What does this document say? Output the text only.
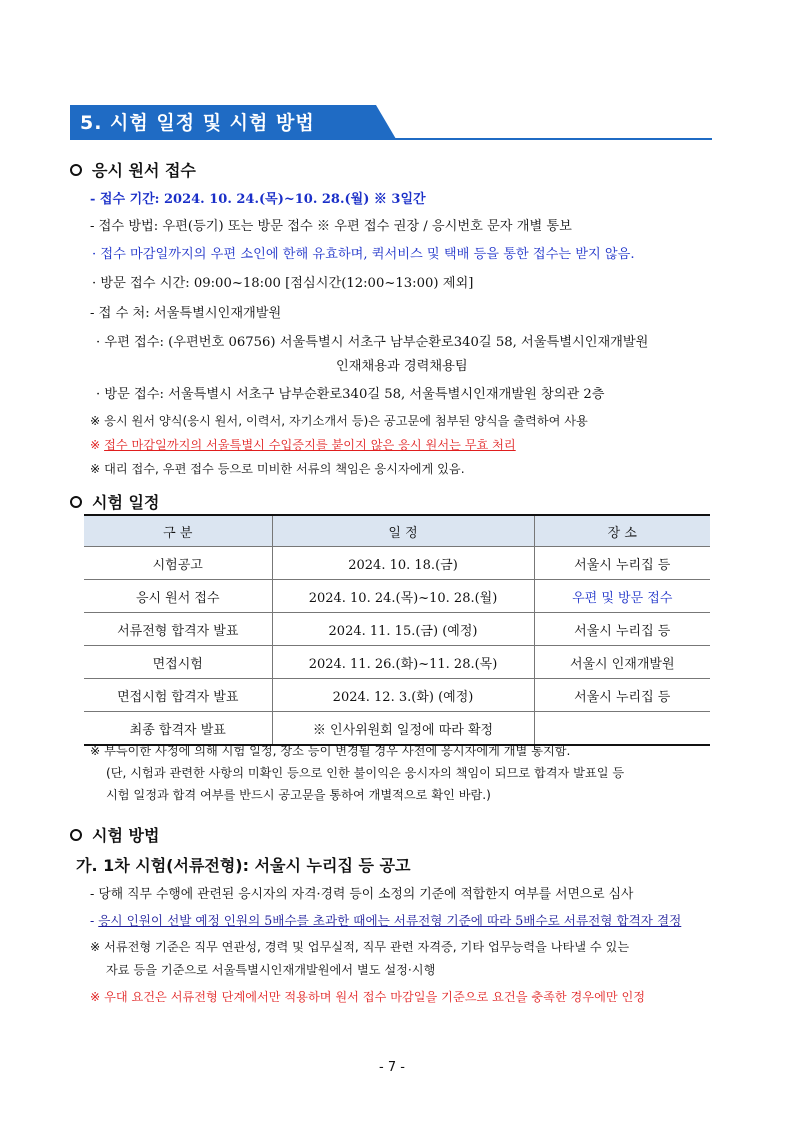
5. 시험 일정 및 시험 방법
응시 원서 접수
- 접수 기간: 2024. 10. 24.(목)~10. 28.(월) ※ 3일간
- 접수 방법: 우편(등기) 또는 방문 접수 ※ 우편 접수 권장 / 응시번호 문자 개별 통보
· 접수 마감일까지의 우편 소인에 한해 유효하며, 퀵서비스 및 택배 등을 통한 접수는 받지 않음.
· 방문 접수 시간: 09:00~18:00 [점심시간(12:00~13:00) 제외]
- 접 수 처: 서울특별시인재개발원
· 우편 접수: (우편번호 06756) 서울특별시 서초구 남부순환로340길 58, 서울특별시인재개발원
인재채용과 경력채용팀
· 방문 접수: 서울특별시 서초구 남부순환로340길 58, 서울특별시인재개발원 창의관 2층
※ 응시 원서 양식(응시 원서, 이력서, 자기소개서 등)은 공고문에 첨부된 양식을 출력하여 사용
※ 접수 마감일까지의 서울특별시 수입증지를 붙이지 않은 응시 원서는 무효 처리
※ 대리 접수, 우편 접수 등으로 미비한 서류의 책임은 응시자에게 있음.
시험 일정
구 분	일 정	장 소
시험공고	2024. 10. 18.(금)	서울시 누리집 등
응시 원서 접수	2024. 10. 24.(목)~10. 28.(월)	우편 및 방문 접수
서류전형 합격자 발표	2024. 11. 15.(금) (예정)	서울시 누리집 등
면접시험	2024. 11. 26.(화)~11. 28.(목)	서울시 인재개발원
면접시험 합격자 발표	2024. 12. 3.(화) (예정)	서울시 누리집 등
최종 합격자 발표	※ 인사위원회 일정에 따라 확정	
※ 부득이한 사정에 의해 시험 일정, 장소 등이 변경될 경우 사전에 응시자에게 개별 통지함.
(단, 시험과 관련한 사항의 미확인 등으로 인한 불이익은 응시자의 책임이 되므로 합격자 발표일 등
시험 일정과 합격 여부를 반드시 공고문을 통하여 개별적으로 확인 바람.)
시험 방법
가. 1차 시험(서류전형): 서울시 누리집 등 공고
- 당해 직무 수행에 관련된 응시자의 자격·경력 등이 소정의 기준에 적합한지 여부를 서면으로 심사
- 응시 인원이 선발 예정 인원의 5배수를 초과한 때에는 서류전형 기준에 따라 5배수로 서류전형 합격자 결정
※ 서류전형 기준은 직무 연관성, 경력 및 업무실적, 직무 관련 자격증, 기타 업무능력을 나타낼 수 있는
자료 등을 기준으로 서울특별시인재개발원에서 별도 설정·시행
※ 우대 요건은 서류전형 단계에서만 적용하며 원서 접수 마감일을 기준으로 요건을 충족한 경우에만 인정
- 7 -
